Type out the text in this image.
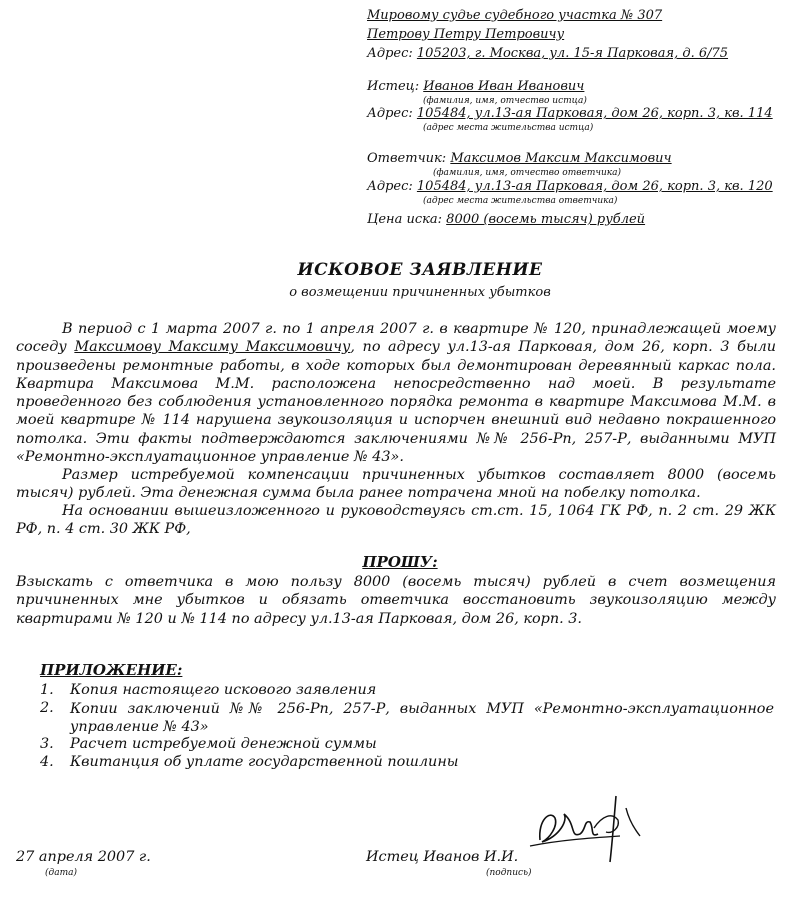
Мировому судье судебного участка № 307
Петрову Петру Петровичу
Адрес: 105203, г. Москва, ул. 15-я Парковая, д. 6/75
Истец: Иванов Иван Иванович
(фамилия, имя, отчество истца)
Адрес: 105484, ул.13-ая Парковая, дом 26, корп. 3, кв. 114
(адрес места жительства истца)
Ответчик: Максимов Максим Максимович
(фамилия, имя, отчество ответчика)
Адрес: 105484, ул.13-ая Парковая, дом 26, корп. 3, кв. 120
(адрес места жительства ответчика)
Цена иска: 8000 (восемь тысяч) рублей
ИСКОВОЕ ЗАЯВЛЕНИЕ
о возмещении причиненных убытков
В период с 1 марта 2007 г. по 1 апреля 2007 г. в квартире № 120, принадлежащей моему соседу Максимову Максиму Максимовичу, по адресу ул.13-ая Парковая, дом 26, корп. 3 были произведены ремонтные работы, в ходе которых был демонтирован деревянный каркас пола. Квартира Максимова М.М. расположена непосредственно над моей. В результате проведенного без соблюдения установленного порядка ремонта в квартире Максимова М.М. в моей квартире № 114 нарушена звукоизоляция и испорчен внешний вид недавно покрашенного потолка. Эти факты подтверждаются заключениями №№ 256-Рп, 257-Р, выданными МУП «Ремонтно-эксплуатационное управление № 43».
Размер истребуемой компенсации причиненных убытков составляет 8000 (восемь тысяч) рублей. Эта денежная сумма была ранее потрачена мной на побелку потолка.
На основании вышеизложенного и руководствуясь ст.ст. 15, 1064 ГК РФ, п. 2 ст. 29 ЖК РФ, п. 4 ст. 30 ЖК РФ,
ПРОШУ:
Взыскать с ответчика в мою пользу 8000 (восемь тысяч) рублей в счет возмещения причиненных мне убытков и обязать ответчика восстановить звукоизоляцию между квартирами № 120 и № 114 по адресу ул.13-ая Парковая, дом 26, корп. 3.
ПРИЛОЖЕНИЕ:
1. Копия настоящего искового заявления
2. Копии заключений №№ 256-Рп, 257-Р, выданных МУП «Ремонтно-эксплуатационное управление № 43»
3. Расчет истребуемой денежной суммы
4. Квитанция об уплате государственной пошлины
27 апреля 2007 г.
(дата)
Истец Иванов И.И.
(подпись)
